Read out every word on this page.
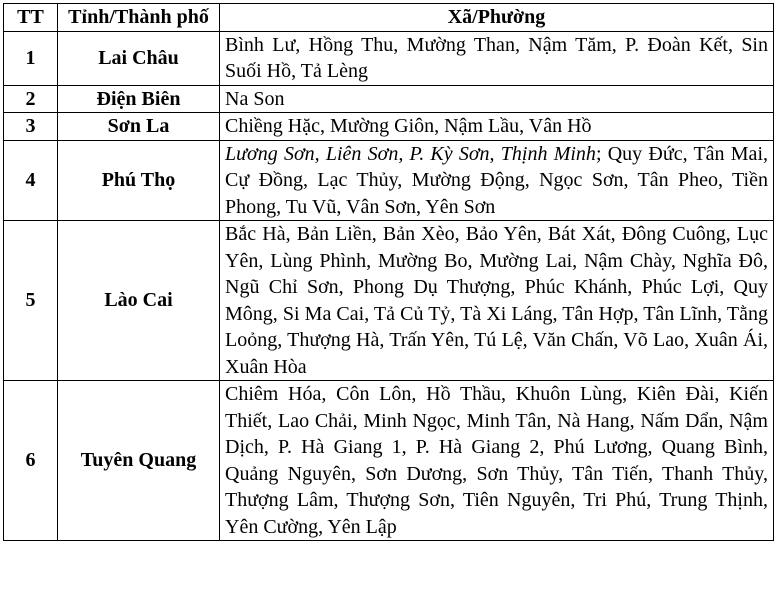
TT	Tỉnh/Thành phố	Xã/Phường
1	Lai Châu	Bình Lư, Hồng Thu, Mường Than, Nậm Tăm, P. Đoàn Kết, Sin Suối Hồ, Tả Lèng
2	Điện Biên	Na Son
3	Sơn La	Chiềng Hặc, Mường Giôn, Nậm Lầu, Vân Hồ
4	Phú Thọ	Lương Sơn, Liên Sơn, P. Kỳ Sơn, Thịnh Minh; Quy Đức, Tân Mai, Cự Đồng, Lạc Thủy, Mường Động, Ngọc Sơn, Tân Pheo, Tiền Phong, Tu Vũ, Vân Sơn, Yên Sơn
5	Lào Cai	Bắc Hà, Bản Liền, Bản Xèo, Bảo Yên, Bát Xát, Đông Cuông, Lục Yên, Lùng Phình, Mường Bo, Mường Lai, Nậm Chày, Nghĩa Đô, Ngũ Chỉ Sơn, Phong Dụ Thượng, Phúc Khánh, Phúc Lợi, Quy Mông, Si Ma Cai, Tả Củ Tỷ, Tà Xi Láng, Tân Hợp, Tân Lĩnh, Tằng Loỏng, Thượng Hà, Trấn Yên, Tú Lệ, Văn Chấn, Võ Lao, Xuân Ái, Xuân Hòa
6	Tuyên Quang	Chiêm Hóa, Côn Lôn, Hồ Thầu, Khuôn Lùng, Kiên Đài, Kiến Thiết, Lao Chải, Minh Ngọc, Minh Tân, Nà Hang, Nấm Dẩn, Nậm Dịch, P. Hà Giang 1, P. Hà Giang 2, Phú Lương, Quang Bình, Quảng Nguyên, Sơn Dương, Sơn Thủy, Tân Tiến, Thanh Thủy, Thượng Lâm, Thượng Sơn, Tiên Nguyên, Tri Phú, Trung Thịnh, Yên Cường, Yên Lập
